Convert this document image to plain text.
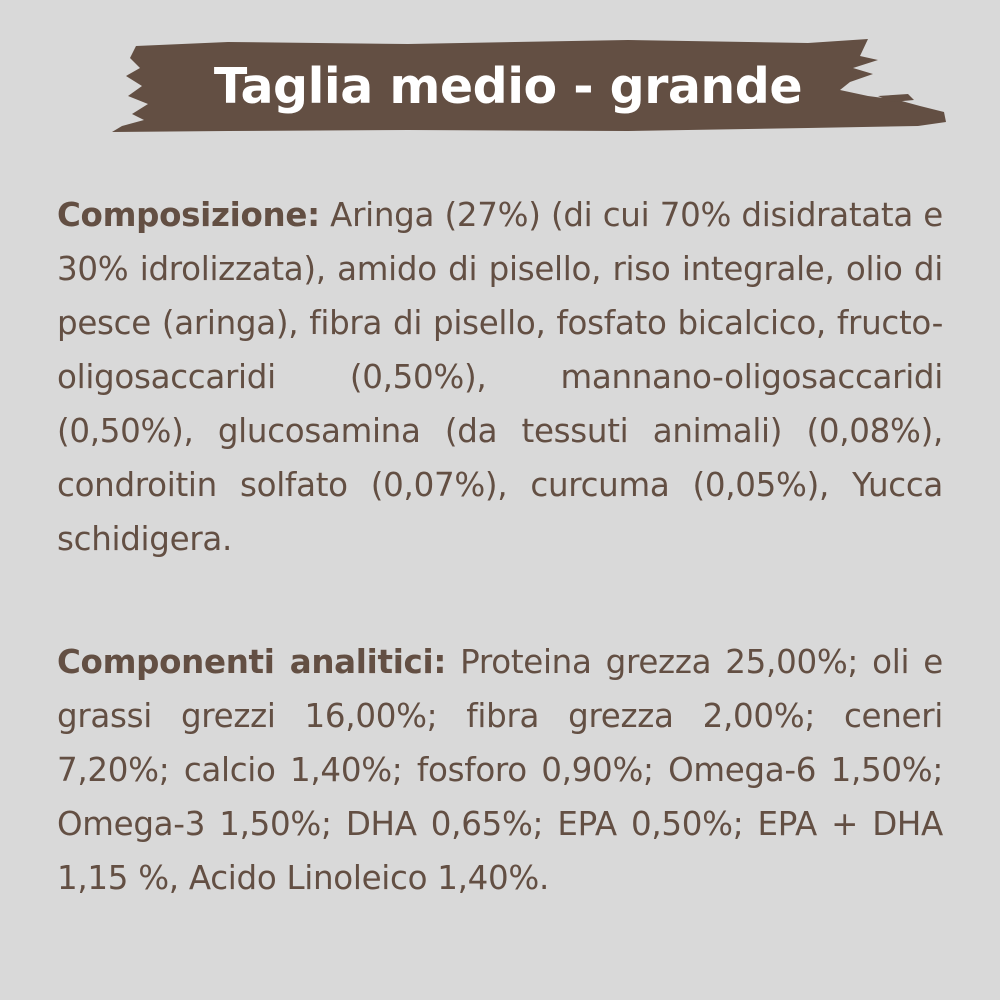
Taglia medio - grande

Composizione: Aringa (27%) (di cui 70% disidratata e 30% idrolizzata), amido di pisello, riso integrale, olio di pesce (aringa), fibra di pisello, fosfato bicalcico, fructo-oligosaccaridi (0,50%), mannano-oligosaccaridi (0,50%), glucosamina (da tessuti animali) (0,08%), condroitin solfato (0,07%), curcuma (0,05%), Yucca schidigera.

Componenti analitici: Proteina grezza 25,00%; oli e grassi grezzi 16,00%; fibra grezza 2,00%; ceneri 7,20%; calcio 1,40%; fosforo 0,90%; Omega-6 1,50%; Omega-3 1,50%; DHA 0,65%; EPA 0,50%; EPA + DHA 1,15 %, Acido Linoleico 1,40%.
